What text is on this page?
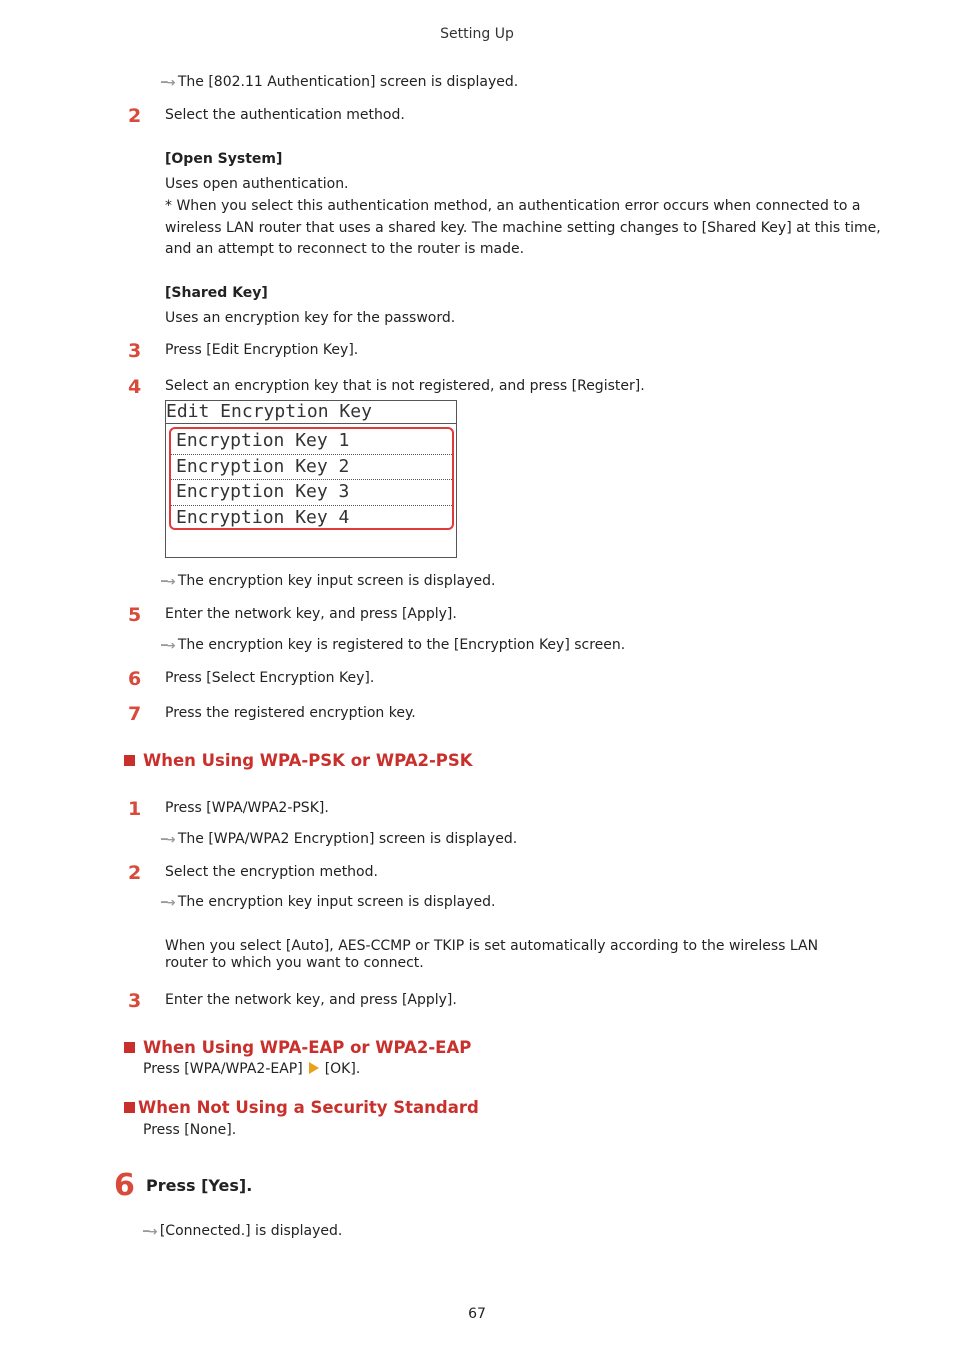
Setting Up
━➜ The [802.11 Authentication] screen is displayed.
2 Select the authentication method.
[Open System]
Uses open authentication.
* When you select this authentication method, an authentication error occurs when connected to a wireless LAN router that uses a shared key. The machine setting changes to [Shared Key] at this time, and an attempt to reconnect to the router is made.
[Shared Key]
Uses an encryption key for the password.
3 Press [Edit Encryption Key].
4 Select an encryption key that is not registered, and press [Register].
Edit Encryption Key
Encryption Key 1
Encryption Key 2
Encryption Key 3
Encryption Key 4
━➜ The encryption key input screen is displayed.
5 Enter the network key, and press [Apply].
━➜ The encryption key is registered to the [Encryption Key] screen.
6 Press [Select Encryption Key].
7 Press the registered encryption key.
When Using WPA-PSK or WPA2-PSK
1 Press [WPA/WPA2-PSK].
━➜ The [WPA/WPA2 Encryption] screen is displayed.
2 Select the encryption method.
━➜ The encryption key input screen is displayed.
When you select [Auto], AES-CCMP or TKIP is set automatically according to the wireless LAN router to which you want to connect.
3 Enter the network key, and press [Apply].
When Using WPA-EAP or WPA2-EAP
Press [WPA/WPA2-EAP] [OK].
When Not Using a Security Standard
Press [None].
6 Press [Yes].
━➜ [Connected.] is displayed.
67
